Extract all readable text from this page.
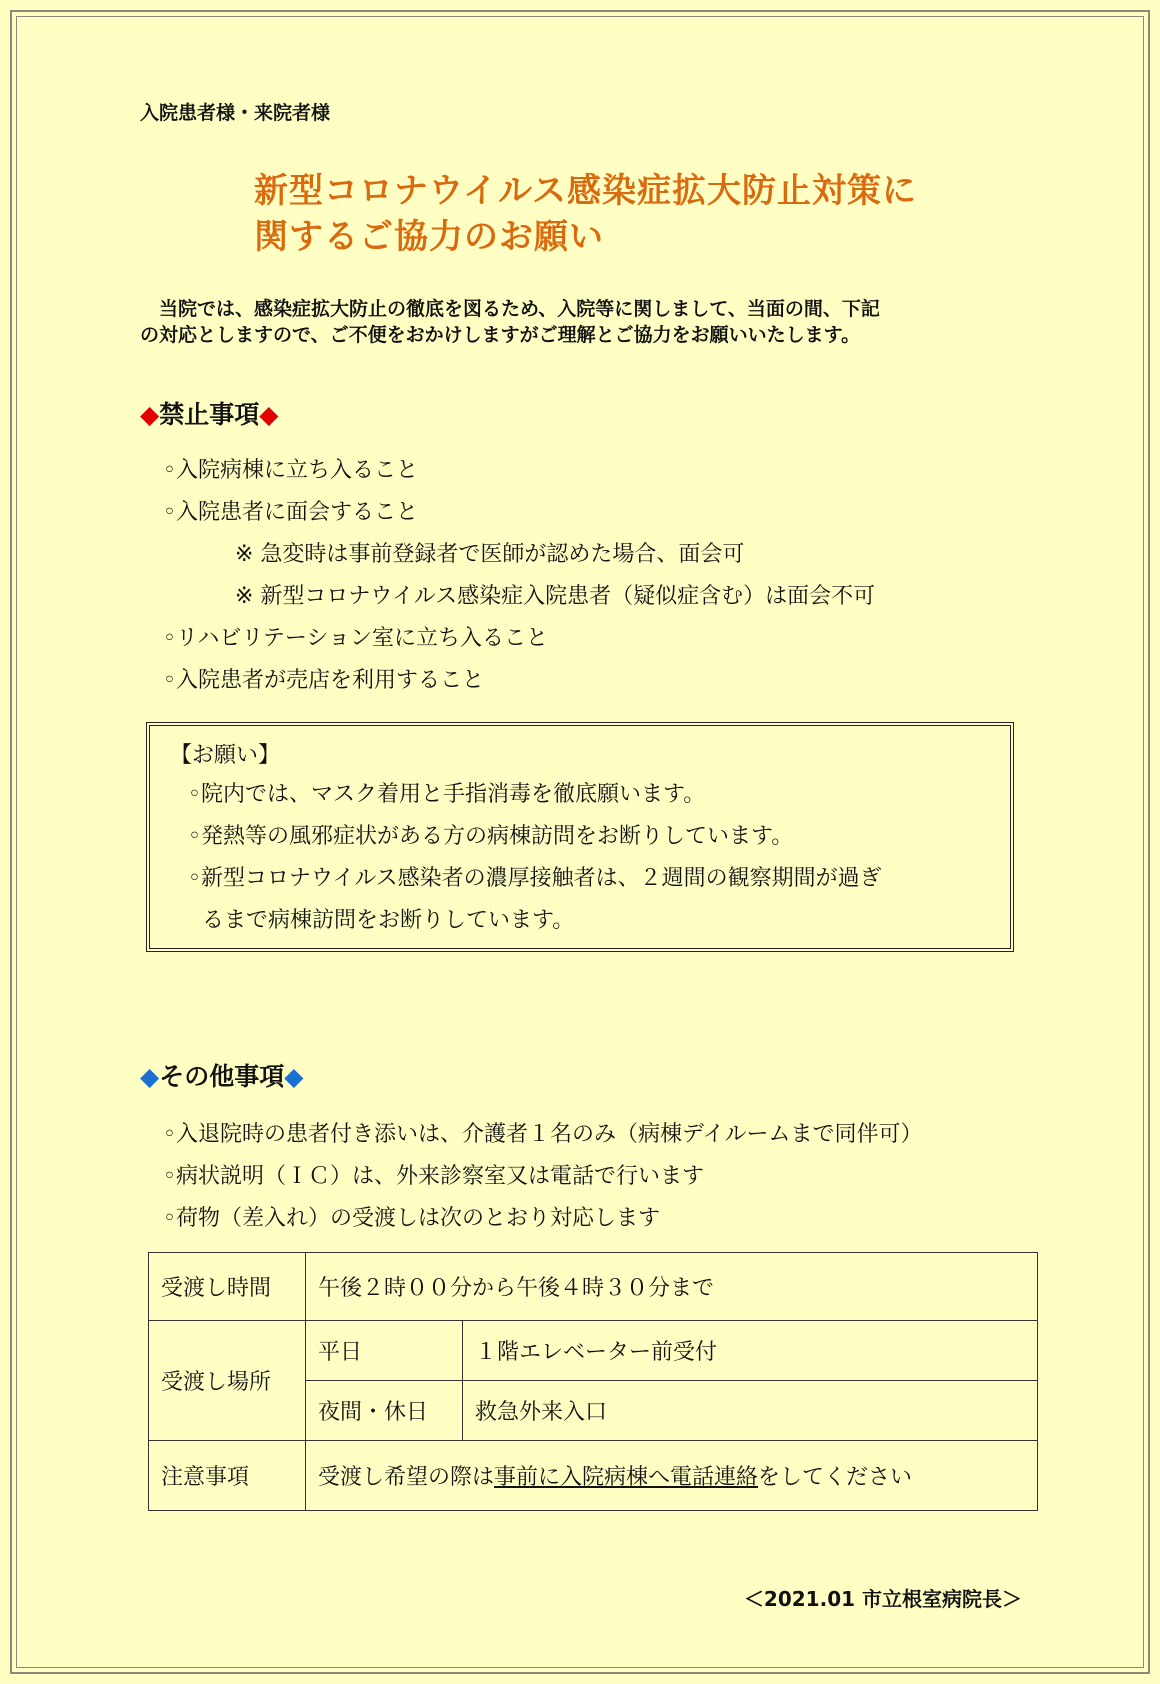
入院患者様・来院者様
新型コロナウイルス感染症拡大防止対策に
関するご協力のお願い
　当院では、感染症拡大防止の徹底を図るため、入院等に関しまして、当面の間、下記
の対応としますので、ご不便をおかけしますがご理解とご協力をお願いいたします。
◆禁止事項◆
◦入院病棟に立ち入ること
◦入院患者に面会すること
※ 急変時は事前登録者で医師が認めた場合、面会可
※ 新型コロナウイルス感染症入院患者（疑似症含む）は面会不可
◦リハビリテーション室に立ち入ること
◦入院患者が売店を利用すること
【お願い】
◦院内では、マスク着用と手指消毒を徹底願います。
◦発熱等の風邪症状がある方の病棟訪問をお断りしています。
◦新型コロナウイルス感染者の濃厚接触者は、２週間の観察期間が過ぎ
るまで病棟訪問をお断りしています。
◆その他事項◆
◦入退院時の患者付き添いは、介護者１名のみ（病棟デイルームまで同伴可）
◦病状説明（ＩＣ）は、外来診察室又は電話で行います
◦荷物（差入れ）の受渡しは次のとおり対応します
受渡し時間	午後２時００分から午後４時３０分まで	
受渡し場所	平日	１階エレベーター前受付
	夜間・休日	救急外来入口
注意事項	受渡し希望の際は事前に入院病棟へ電話連絡をしてください	
＜2021.01 市立根室病院長＞
